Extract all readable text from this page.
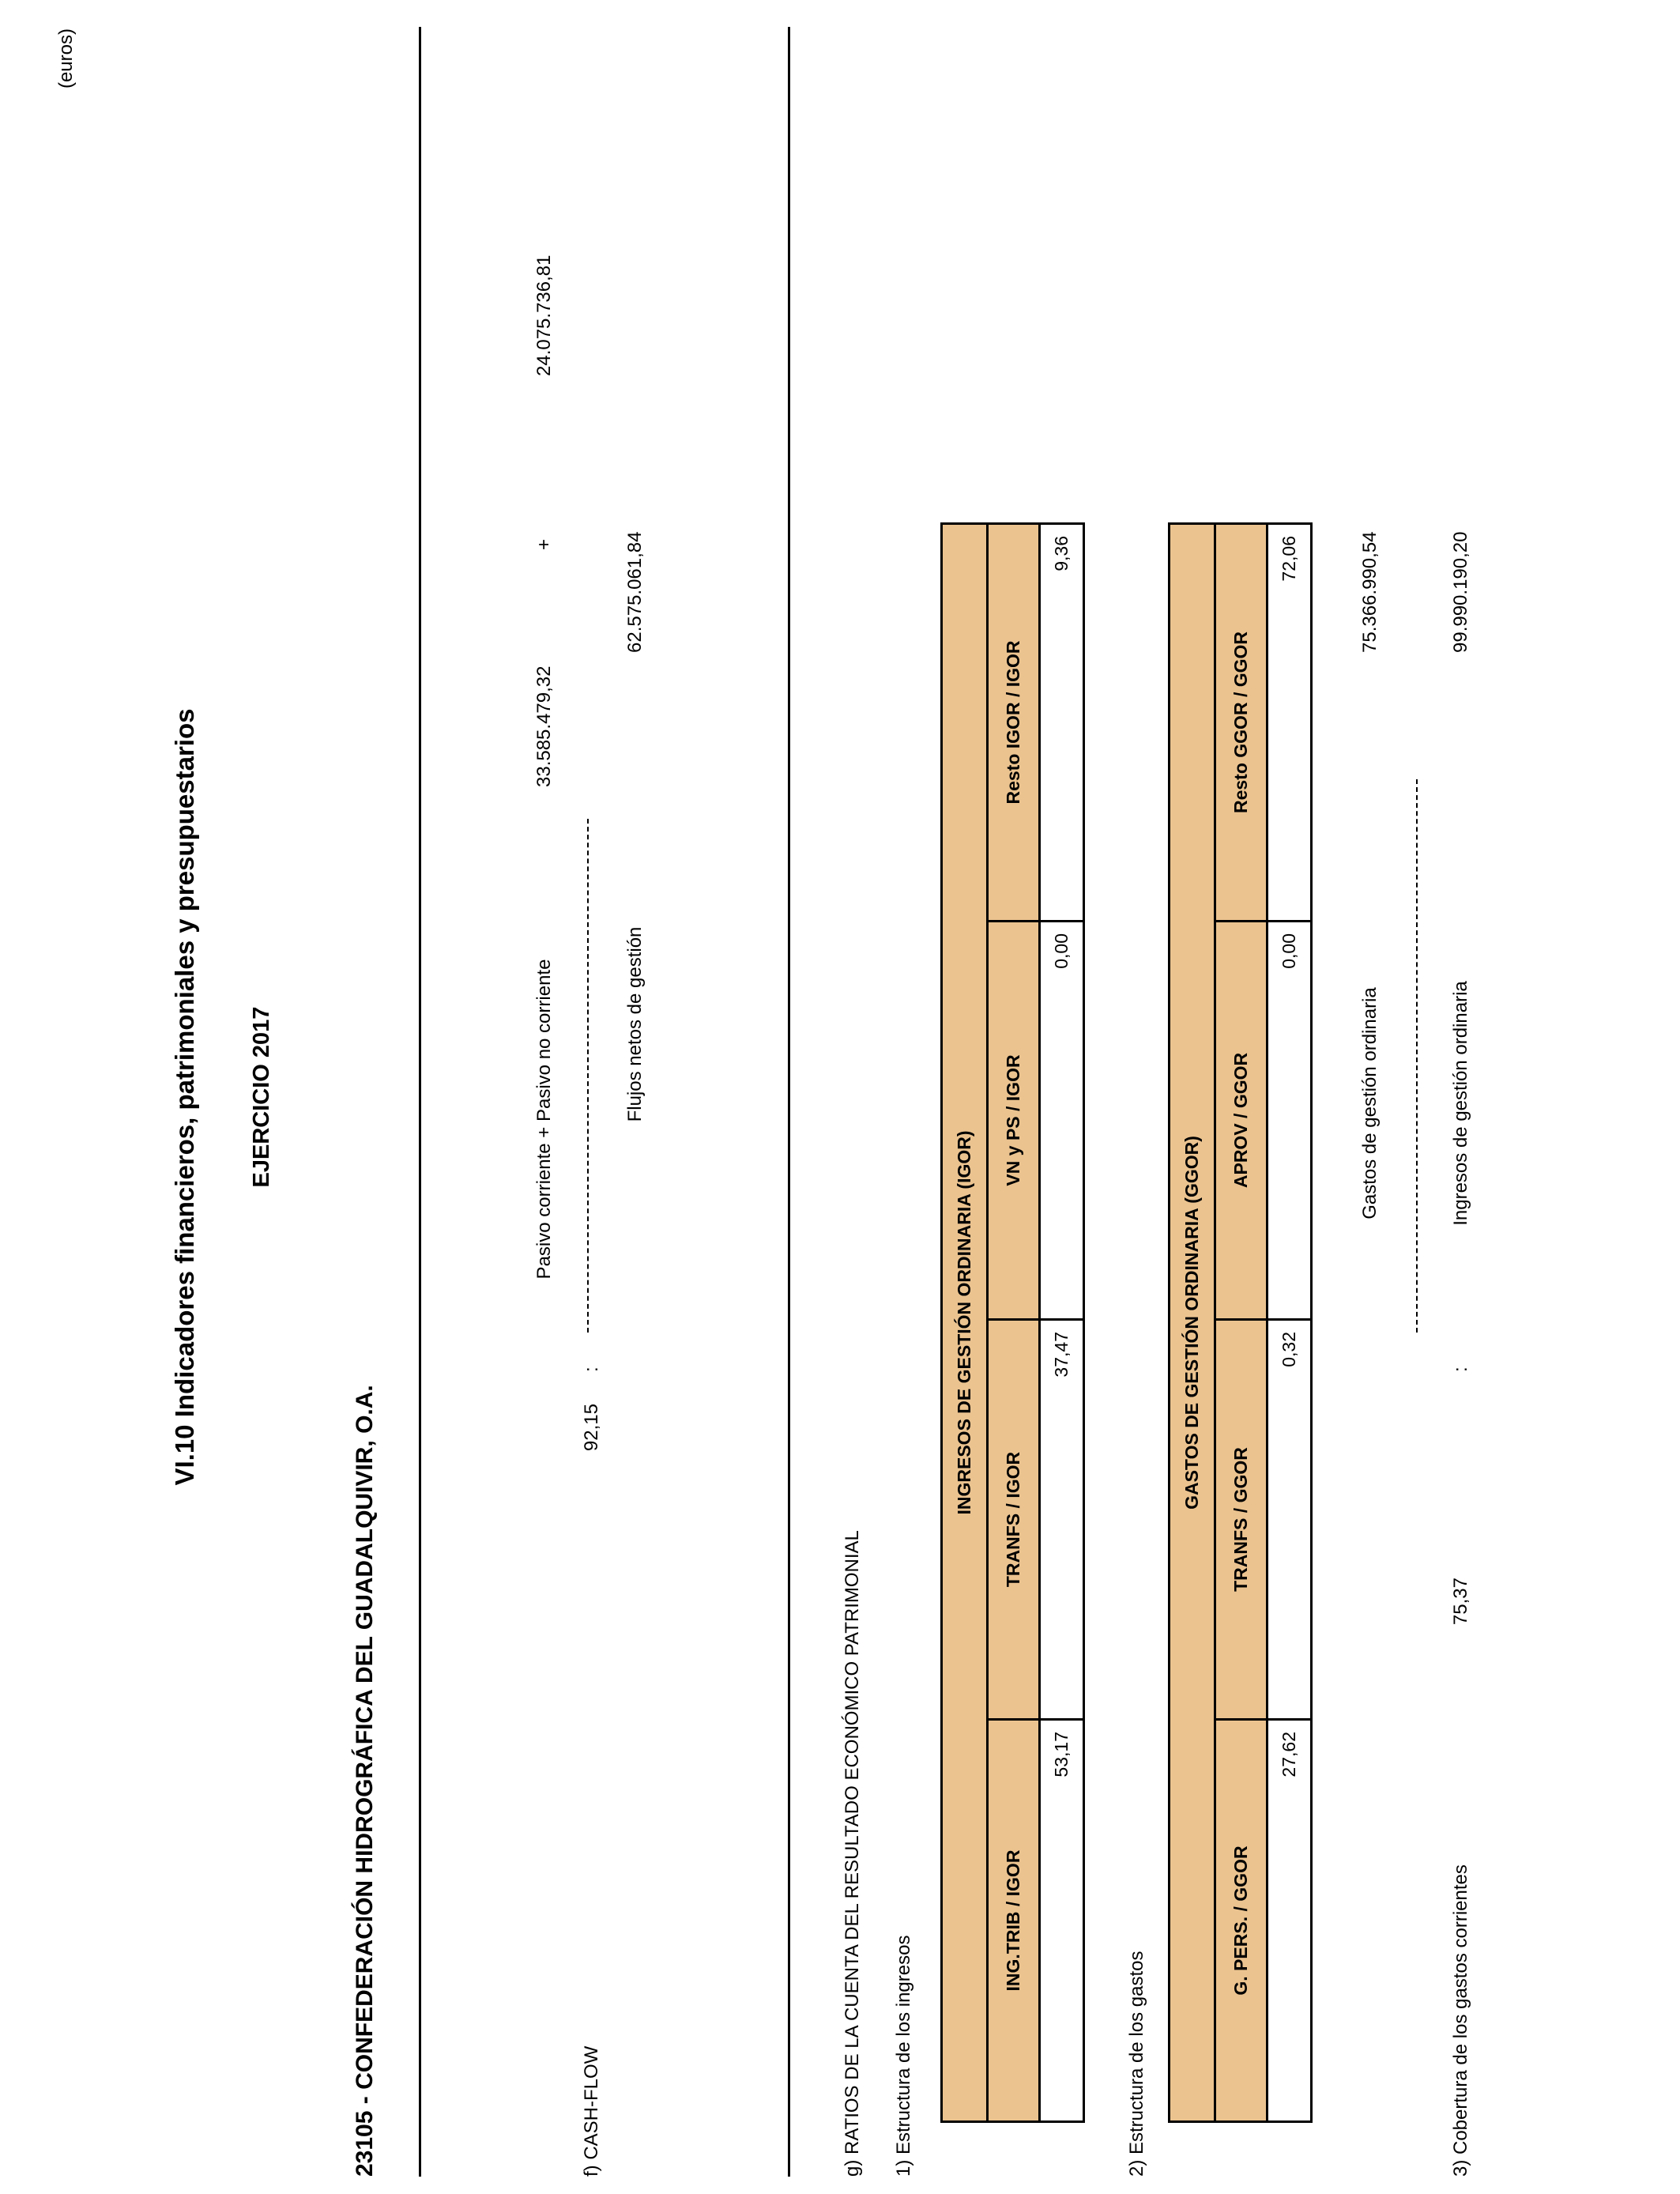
VI.10 Indicadores financieros, patrimoniales y presupuestarios EJERCICIO 2017
23105 - CONFEDERACIÓN HIDROGRÁFICA DEL GUADALQUIVIR, O.A.
(euros)
f) CASH-FLOW
92,15
:
Pasivo corriente + Pasivo no corriente
33.585.479,32
+
24.075.736,81
Flujos netos de gestión
62.575.061,84
g) RATIOS DE LA CUENTA DEL RESULTADO ECONÓMICO PATRIMONIAL 1) Estructura de los ingresos
INGRESOS DE GESTIÓN ORDINARIA (IGOR)			
ING.TRIB / IGOR	TRANFS / IGOR	VN y PS / IGOR	Resto IGOR / IGOR
53,17	37,47	0,00	9,36
2) Estructura de los gastos
GASTOS DE GESTIÓN ORDINARIA (GGOR)			
G. PERS. / GGOR	TRANFS / GGOR	APROV / GGOR	Resto GGOR / GGOR
27,62	0,32	0,00	72,06
Gastos de gestión ordinaria
75.366.990,54
3) Cobertura de los gastos corrientes
75,37
:
Ingresos de gestión ordinaria
99.990.190,20
